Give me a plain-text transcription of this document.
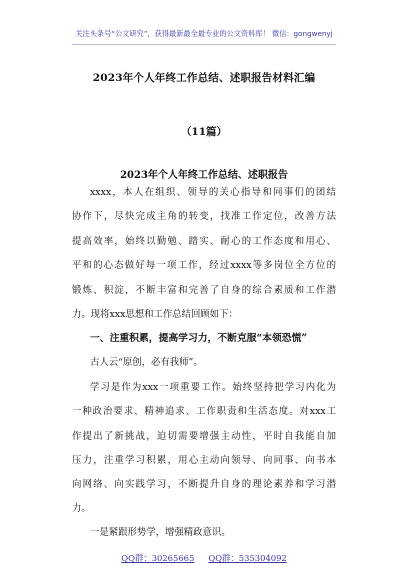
关注头条号“公文研究”，获得最新最全最专业的公文资料库！ 微信：gongwenyj
2023年个人年终工作总结、述职报告材料汇编
（11篇）
2023年个人年终工作总结、述职报告
xxxx，本人在组织、领导的关心指导和同事们的团结
协作下，尽快完成主角的转变，找准工作定位，改善方法
提高效率，始终以勤勉、踏实、耐心的工作态度和用心、
平和的心态做好每一项工作，经过xxxx等多岗位全方位的
锻炼、积淀，不断丰富和完善了自身的综合素质和工作潜
力。现将xxx思想和工作总结回顾如下：
一、注重积累，提高学习力，不断克服“本领恐慌”
古人云“原创，必有我师”。
学习是作为xxx一项重要工作。始终坚持把学习内化为
一种政治要求、精神追求、工作职责和生活态度。对xxx工
作提出了新挑战，迫切需要增强主动性，平时自我能自加
压力，注重学习积累，用心主动向领导、向同事、向书本
向网络、向实践学习，不断提升自身的理论素养和学习潜
力。
一是紧跟形势学，增强精政意识。
QQ群：30265665 QQ群：535304092
